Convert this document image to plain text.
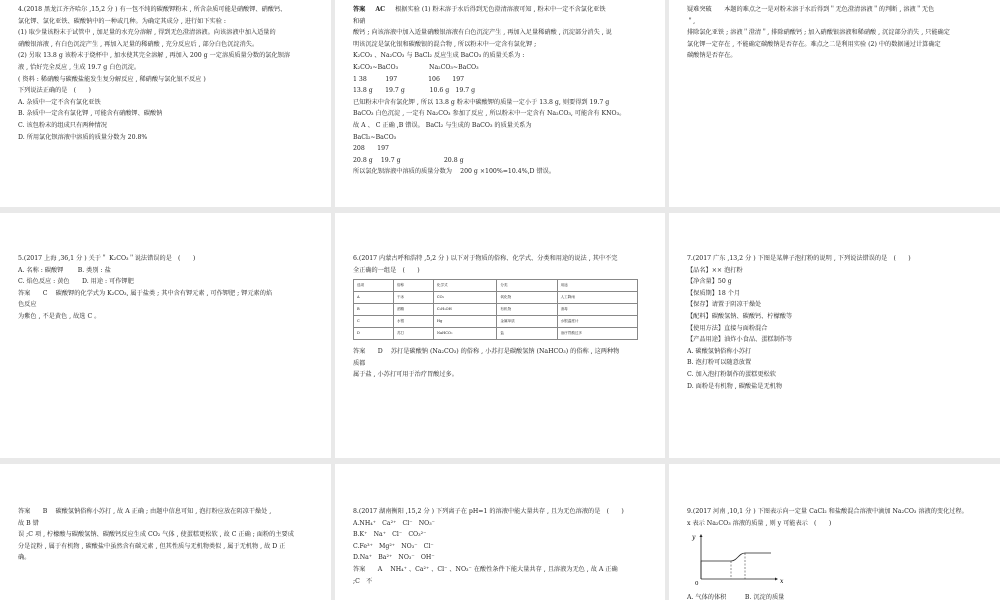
4.(2018 黑龙江齐齐哈尔 ,15,2 分 ) 有一包不纯的碳酸钾粉末 , 所含杂质可能是硝酸钾、硝酸钙、

氯化钾、氯化亚铁、碳酸钠中的一种或几种。为确定其成分 , 进行如下实验 :

(1) 取少量该粉末于试管中 , 加足量的水充分溶解 , 得到无色澄清溶液。向该溶液中加入适量的

硝酸银溶液 , 有白色沉淀产生 , 再加入足量的稀硝酸 , 充分反应后 , 部分白色沉淀消失。

(2) 另取 13.8 g 该粉末于烧杯中 , 加水使其完全溶解 , 再加入 200 g 一定溶质质量分数的氯化钡溶

液 , 恰好完全反应 , 生成 19.7 g 白色沉淀。

( 资料 : 稀硝酸与碳酸盐能发生复分解反应 , 稀硝酸与氯化银不反应 )

下列说法正确的是　(　　)

A. 杂质中一定不含有氯化亚铁

B. 杂质中一定含有氯化钾 , 可能含有硝酸钾、碳酸钠

C. 该包粉末的组成只有两种情况

D. 所用氯化钡溶液中溶质的质量分数为 20.8%

答案 AC 根据实验 (1) 粉末溶于水后得到无色澄清溶液可知 , 粉末中一定不含氯化亚铁

和硝

酸钙 ; 向该溶液中加入适量硝酸银溶液有白色沉淀产生 , 再加入足量稀硝酸 , 沉淀部分消失 , 说

明该沉淀是氯化银和碳酸银的混合物 , 所以粉末中一定含有氯化钾 ;

K₂CO₃ 、Na₂CO₃ 与 BaCl₂ 反应生成 BaCO₃ 的质量关系为 :

K₂CO₃~BaCO₃　　　　　Na₂CO₃~BaCO₃

1 38　　　197　　　　　106　　197

13.8 g　　19.7 g　　　　10.6 g　19.7 g

已知粉末中含有氯化钾 , 所以 13.8 g 粉末中碳酸钾的质量一定小于 13.8 g, 则要得到 19.7 g

BaCO₃ 白色沉淀 , 一定有 Na₂CO₃ 参加了反应 , 所以粉末中一定含有 Na₂CO₃, 可能含有 KNO₃。

故 A 、 C 正确 ,B 错误。 BaCl₂ 与生成的 BaCO₃ 的质量关系为

BaCl₂~BaCO₃

208　　197

20.8 g　 19.7 g　　　　　　　20.8 g

所以氯化钡溶液中溶质的质量分数为 　200 g ×100%=10.4%,D 错误。

疑难突破　　本题的难点之一是对粉末溶于水后得到＂无色澄清溶液＂的判断 , 溶液＂无色

＂,

排除氯化亚铁 ; 溶液＂澄清＂, 排除硝酸钙 ; 加入硝酸银溶液和稀硝酸 , 沉淀部分消失 , 只能确定

氯化钾一定存在 , 不能确定碳酸钠是否存在。难点之二是利用实验 (2) 中的数据通过计算确定

碳酸钠是否存在。

5.(2017 上海 ,36,1 分 ) 关于＂ K₂CO₃＂说法错误的是　(　　)

A. 名称 : 碳酸钾　　 B. 类别 : 盐

C. 焰色反应 : 黄色　　D. 用途 : 可作钾肥

答案　　C　 碳酸钾的化学式为 K₂CO₃, 属于盐类 ; 其中含有钾元素 , 可作钾肥 ; 钾元素的焰

色反应

为紫色 , 不是黄色 , 故选 C 。

6.(2017 内蒙古呼和浩特 ,5,2 分 ) 以下对于物质的俗称、化学式、分类和用途的说法 , 其中不完

全正确的一组是　(　　)

选项	俗称	化学式	分类	用途
A	干冰	CO₂	氧化物	人工降雨
B	酒精	C₂H₅OH	有机物	消毒
C	水银	Hg	金属单质	水银温度计
D	苏打	NaHCO₃	盐	治疗胃酸过多

答案　　D　 苏打是碳酸钠 (Na₂CO₃) 的俗称 , 小苏打是碳酸氢钠 (NaHCO₃) 的俗称 , 这两种物

质都

属于盐 , 小苏打可用于治疗胃酸过多。

7.(2017 广东 ,13,2 分 ) 下图是某牌子泡打粉的说明 , 下列说法错误的是　(　　)

【品名】×× 泡打粉

【净含量】50 g

【保质期】18 个月

【保存】请置于阴凉干燥处

【配料】碳酸氢钠、碳酸钙、柠檬酸等

【使用方法】直接与面粉混合

【产品用途】油炸小食品、蛋糕制作等

A. 碳酸氢钠俗称小苏打

B. 泡打粉可以随意放置

C. 加入泡打粉制作的蛋糕更松软

D. 面粉是有机物 , 碳酸盐是无机物

答案　　B　 碳酸氢钠俗称小苏打 , 故 A 正确 ; 由题中信息可知 , 泡打粉应放在阴凉干燥处 ,

故 B 错

误 ;C 项 , 柠檬酸与碳酸氢钠、碳酸钙反应生成 CO₂ 气体 , 使蛋糕更松软 , 故 C 正确 ; 面粉的主要成

分是淀粉 , 属于有机物 , 碳酸盐中虽然含有碳元素 , 但其性质与无机物类似 , 属于无机物 , 故 D 正

确。

8.(2017 湖南衡阳 ,15,2 分 ) 下列离子在 pH=1 的溶液中能大量共存 , 且为无色溶液的是　(　　)

A.NH₄⁺　Ca²⁺　Cl⁻　NO₃⁻

B.K⁺　Na⁺　Cl⁻　CO₃²⁻

C.Fe³⁺　Mg²⁺　NO₃⁻　Cl⁻

D.Na⁺　Ba²⁺　NO₃⁻　OH⁻

答案　　A　 NH₄⁺ 、Ca²⁺ 、Cl⁻ 、NO₃⁻ 在酸性条件下能大量共存 , 且溶液为无色 , 故 A 正确

;C　不

9.(2017 河南 ,10,1 分 ) 下图表示向一定量 CaCl₂ 和盐酸混合溶液中滴加 Na₂CO₃ 溶液的变化过程。

x 表示 Na₂CO₃ 溶液的质量 , 则 y 可能表示　(　　)

y
x
0

A. 气体的体积　　　B. 沉淀的质量
